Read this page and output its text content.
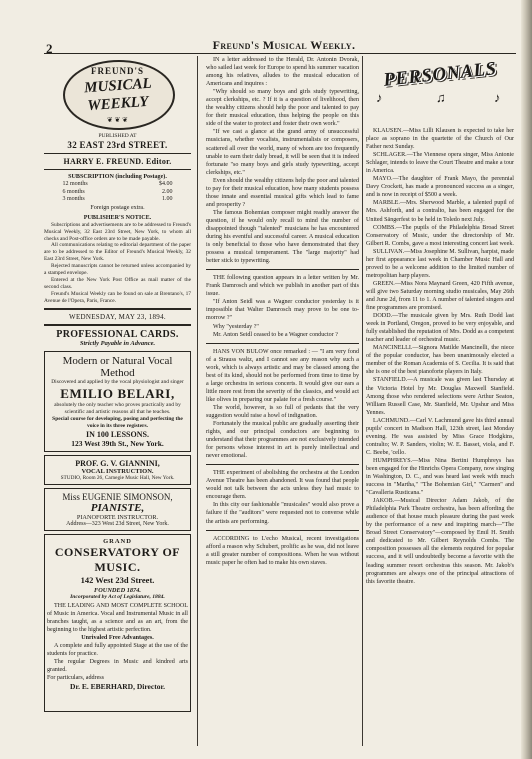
2	Freund's Musical Weekly.
FREUND'S
MUSICAL
WEEKLY
❦ ❦ ❦

PUBLISHED AT

32 EAST 23rd STREET.
HARRY E. FREUND. Editor.

SUBSCRIPTION (including Postage).

12 months	$4.00
6 months	2.00
3 months	1.00

Foreign postage extra.

PUBLISHER'S NOTICE.

Subscriptions and advertisements are to be addressed to Freund's Musical Weekly, 32 East 23rd Street, New York, to whom all checks and Post-office orders are to be made payable.

All communications relating to editorial department of the paper are to be addressed to the Editor of Freund's Musical Weekly, 32 East 23rd Street, New York.

Rejected manuscripts cannot be returned unless accompanied by a stamped envelope.

Entered at the New York Post Office as mail matter of the second class.

Freund's Musical Weekly can be found on sale at Brentano's, 17 Avenue de l'Opera, Paris, France.

WEDNESDAY, MAY 23, 1894.
PROFESSIONAL CARDS.

Strictly Payable in Advance.

Modern or Natural Vocal Method

Discovered and applied by the vocal physiologist and singer

EMILIO BELARI,

absolutely the only teacher who proves practically and by scientific and artistic reasons all that he teaches.

Special course for developing, posing and perfecting the voice in its three registers.

IN 100 LESSONS.
123 West 39th St., New York.
PROF. G. V. GIANNINI,
VOCAL INSTRUCTION.
STUDIO, Room 26, Carnegie Music Hall, New York.
Miss EUGENIE SIMONSON,
PIANISTE,
PIANOFORTE INSTRUCTOR.
Address—323 West 23d Street, New York.
GRAND
CONSERVATORY OF MUSIC.
142 West 23d Street.
FOUNDED 1874.
Incorporated by Act of Legislature, 1884.

THE LEADING AND MOST COMPLETE SCHOOL of Music in America. Vocal and Instrumental Music in all branches taught, as a science and as an art, from the beginning to the highest artistic perfection.

Unrivaled Free Advantages.

A complete and fully appointed Stage at the use of the students for practice.

The regular Degrees in Music and kindred arts granted.

For particulars, address

Dr. E. EBERHARD, Director.

IN a letter addressed to the Herald, Dr. Antonin Dvorak, who sailed last week for Europe to spend his summer vacation among his relatives, alludes to the musical education of Americans and inquires :

"Why should so many boys and girls study typewriting, accept clerkships, etc. ? If it is a question of livelihood, then the wealthy citizens should help the poor and talented to pay for their musical education, thus helping the people on this side of the water to protect and foster their own work."

"If we cast a glance at the grand army of unsuccessful musicians, whether vocalists, instrumentalists or composers, scattered all over the world, many of whom are too frequently unable to earn their daily bread, it will be seen that it is indeed fortunate "so many boys and girls study typewriting, accept clerkships, etc."

Even should the wealthy citizens help the poor and talented to pay for their musical education, how many students possess those innate and essential musical gifts which lead to fame and prosperity ?

The famous Bohemian composer might readily answer the question, if he would only recall to mind the number of disappointed though "talented" musicians he has encountered during his eventful and successful career. A musical education is only beneficial to those who have demonstrated that they possess a musical temperament. The "large majority" had better stick to typewriting.

THE following question appears in a letter written by Mr. Frank Damrosch and which we publish in another part of this issue.

"If Anton Seidl was a Wagner conductor yesterday is it impossible that Walter Damrosch may prove to be one to-morrow ?"

Why "yesterday ?"

Mr. Anton Seidl ceased to be a Wagner conductor ?

HANS VON BULOW once remarked : — "I am very fond of a Strauss waltz, and I cannot see any reason why such a work, which is always artistic and may be classed among the best of its kind, should not be performed from time to time by a large orchestra in serious concerts. It would give our ears a little more rest from the severity of the classics, and would act like olives in preparing our palate for a fresh course."

The world, however, is so full of pedants that the very suggestion would raise a howl of indignation.

Fortunately the musical public are gradually asserting their rights, and our principal conductors are beginning to understand that their programmes are not exclusively intended for persons whose interest in art is purely intellectual and never emotional.

THE experiment of abolishing the orchestra at the London Avenue Theatre has been abandoned. It was found that people would not talk between the acts unless they had music to encourage them.

In this city our fashionable "musicales" would also prove a failure if the "auditors" were requested not to converse while the artists are performing.

ACCORDING to L'echo Musical, recent investigations afford a reason why Schubert, prolific as he was, did not leave a still greater number of compositions. When he was without music paper he often had to make his own staves.

PERSONALS
♪	♫	♪

KLAUSEN.—Miss Lilli Klausen is expected to take her place as soprano in the quartette of the Church of Our Father next Sunday.

SCHLAGER.—The Viennese opera singer, Miss Antonie Schlager, intends to leave the Court Theatre and make a tour in America.

MAYO.—The daughter of Frank Mayo, the perennial Davy Crockett, has made a pronounced success as a singer, and is now in receipt of $500 a week.

MARBLE.—Mrs. Sherwood Marble, a talented pupil of Mrs. Ashforth, and a contralto, has been engaged for the United Sängerfest to be held in Toledo next July.

COMBS.—The pupils of the Philadelphia Broad Street Conservatory of Music, under the directorship of Mr. Gilbert R. Combs, gave a most interesting concert last week.

SULLIVAN.—Miss Josephine M. Sullivan, harpist, made her first appearance last week in Chamber Music Hall and proved to be a welcome addition to the limited number of metropolitan harp players.

GREEN.—Miss Nora Maynard Green, 420 Fifth avenue, will give two Saturday morning studio musicales, May 26th and June 2d, from 11 to 1. A number of talented singers and fine programmes are promised.

DODD.—The musicale given by Mrs. Ruth Dodd last week in Portland, Oregon, proved to be very enjoyable, and fully established the reputation of Mrs. Dodd as a competent teacher and leader of orchestral music.

MANCINELLI.—Signora Matilde Mancinelli, the niece of the popular conductor, has been unanimously elected a member of the Roman Academia of S. Cecilia. It is said that she is one of the best pianoforte players in Italy.

STANFIELD.—A musicale was given last Thursday at the Victoria Hotel by Mr. Douglas Maxwell Stanfield. Among those who rendered selections were Arthur Seaton, William Russell Case, Mr. Stanfield, Mr. Upshur and Miss Yennes.

LACHMUND.—Carl V. Lachmund gave his third annual pupils' concert in Madison Hall, 123th street, last Monday evening. He was assisted by Miss Grace Hodgkins, contralto; W. P. Sanders, violin; W. E. Basset, viola, and F. C. Beebe, 'cello.

HUMPHREYS.—Miss Nina Bertini Humphreys has been engaged for the Hinrichs Opera Company, now singing in Washington, D. C., and was heard last week with much success in "Martha," "The Bohemian Girl," "Carmen" and "Cavalleria Rusticana."

JAKOB.—Musical Director Adam Jakob, of the Philadelphia Park Theatre orchestra, has been affording the audience of that house much pleasure during the past week by the performance of a new and inspiring march—"The Broad Street Conservatory"—composed by Emil H. Smith and dedicated to Mr. Gilbert Reynolds Combs. The composition possesses all the elements required for popular success, and it will undoubtedly become a favorite with the leading summer resort orchestras this season. Mr. Jakob's programmes are always one of the principal attractions of this favorite theatre.
